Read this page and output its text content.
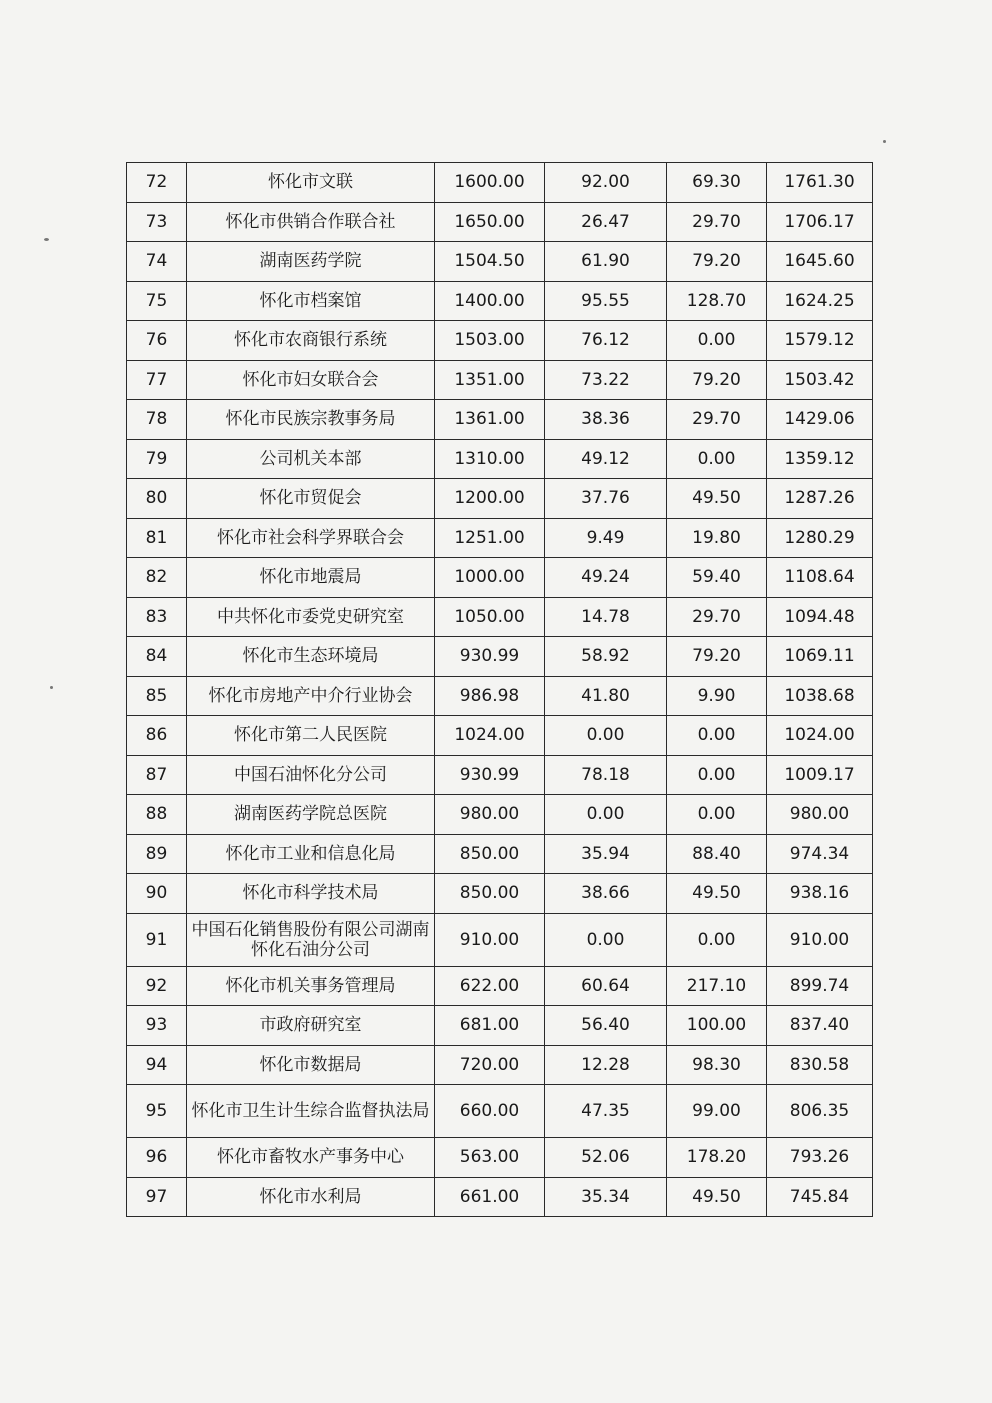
72	怀化市文联	1600.00	92.00	69.30	1761.30
73	怀化市供销合作联合社	1650.00	26.47	29.70	1706.17
74	湖南医药学院	1504.50	61.90	79.20	1645.60
75	怀化市档案馆	1400.00	95.55	128.70	1624.25
76	怀化市农商银行系统	1503.00	76.12	0.00	1579.12
77	怀化市妇女联合会	1351.00	73.22	79.20	1503.42
78	怀化市民族宗教事务局	1361.00	38.36	29.70	1429.06
79	公司机关本部	1310.00	49.12	0.00	1359.12
80	怀化市贸促会	1200.00	37.76	49.50	1287.26
81	怀化市社会科学界联合会	1251.00	9.49	19.80	1280.29
82	怀化市地震局	1000.00	49.24	59.40	1108.64
83	中共怀化市委党史研究室	1050.00	14.78	29.70	1094.48
84	怀化市生态环境局	930.99	58.92	79.20	1069.11
85	怀化市房地产中介行业协会	986.98	41.80	9.90	1038.68
86	怀化市第二人民医院	1024.00	0.00	0.00	1024.00
87	中国石油怀化分公司	930.99	78.18	0.00	1009.17
88	湖南医药学院总医院	980.00	0.00	0.00	980.00
89	怀化市工业和信息化局	850.00	35.94	88.40	974.34
90	怀化市科学技术局	850.00	38.66	49.50	938.16
91	中国石化销售股份有限公司湖南怀化石油分公司	910.00	0.00	0.00	910.00
92	怀化市机关事务管理局	622.00	60.64	217.10	899.74
93	市政府研究室	681.00	56.40	100.00	837.40
94	怀化市数据局	720.00	12.28	98.30	830.58
95	怀化市卫生计生综合监督执法局	660.00	47.35	99.00	806.35
96	怀化市畜牧水产事务中心	563.00	52.06	178.20	793.26
97	怀化市水利局	661.00	35.34	49.50	745.84
